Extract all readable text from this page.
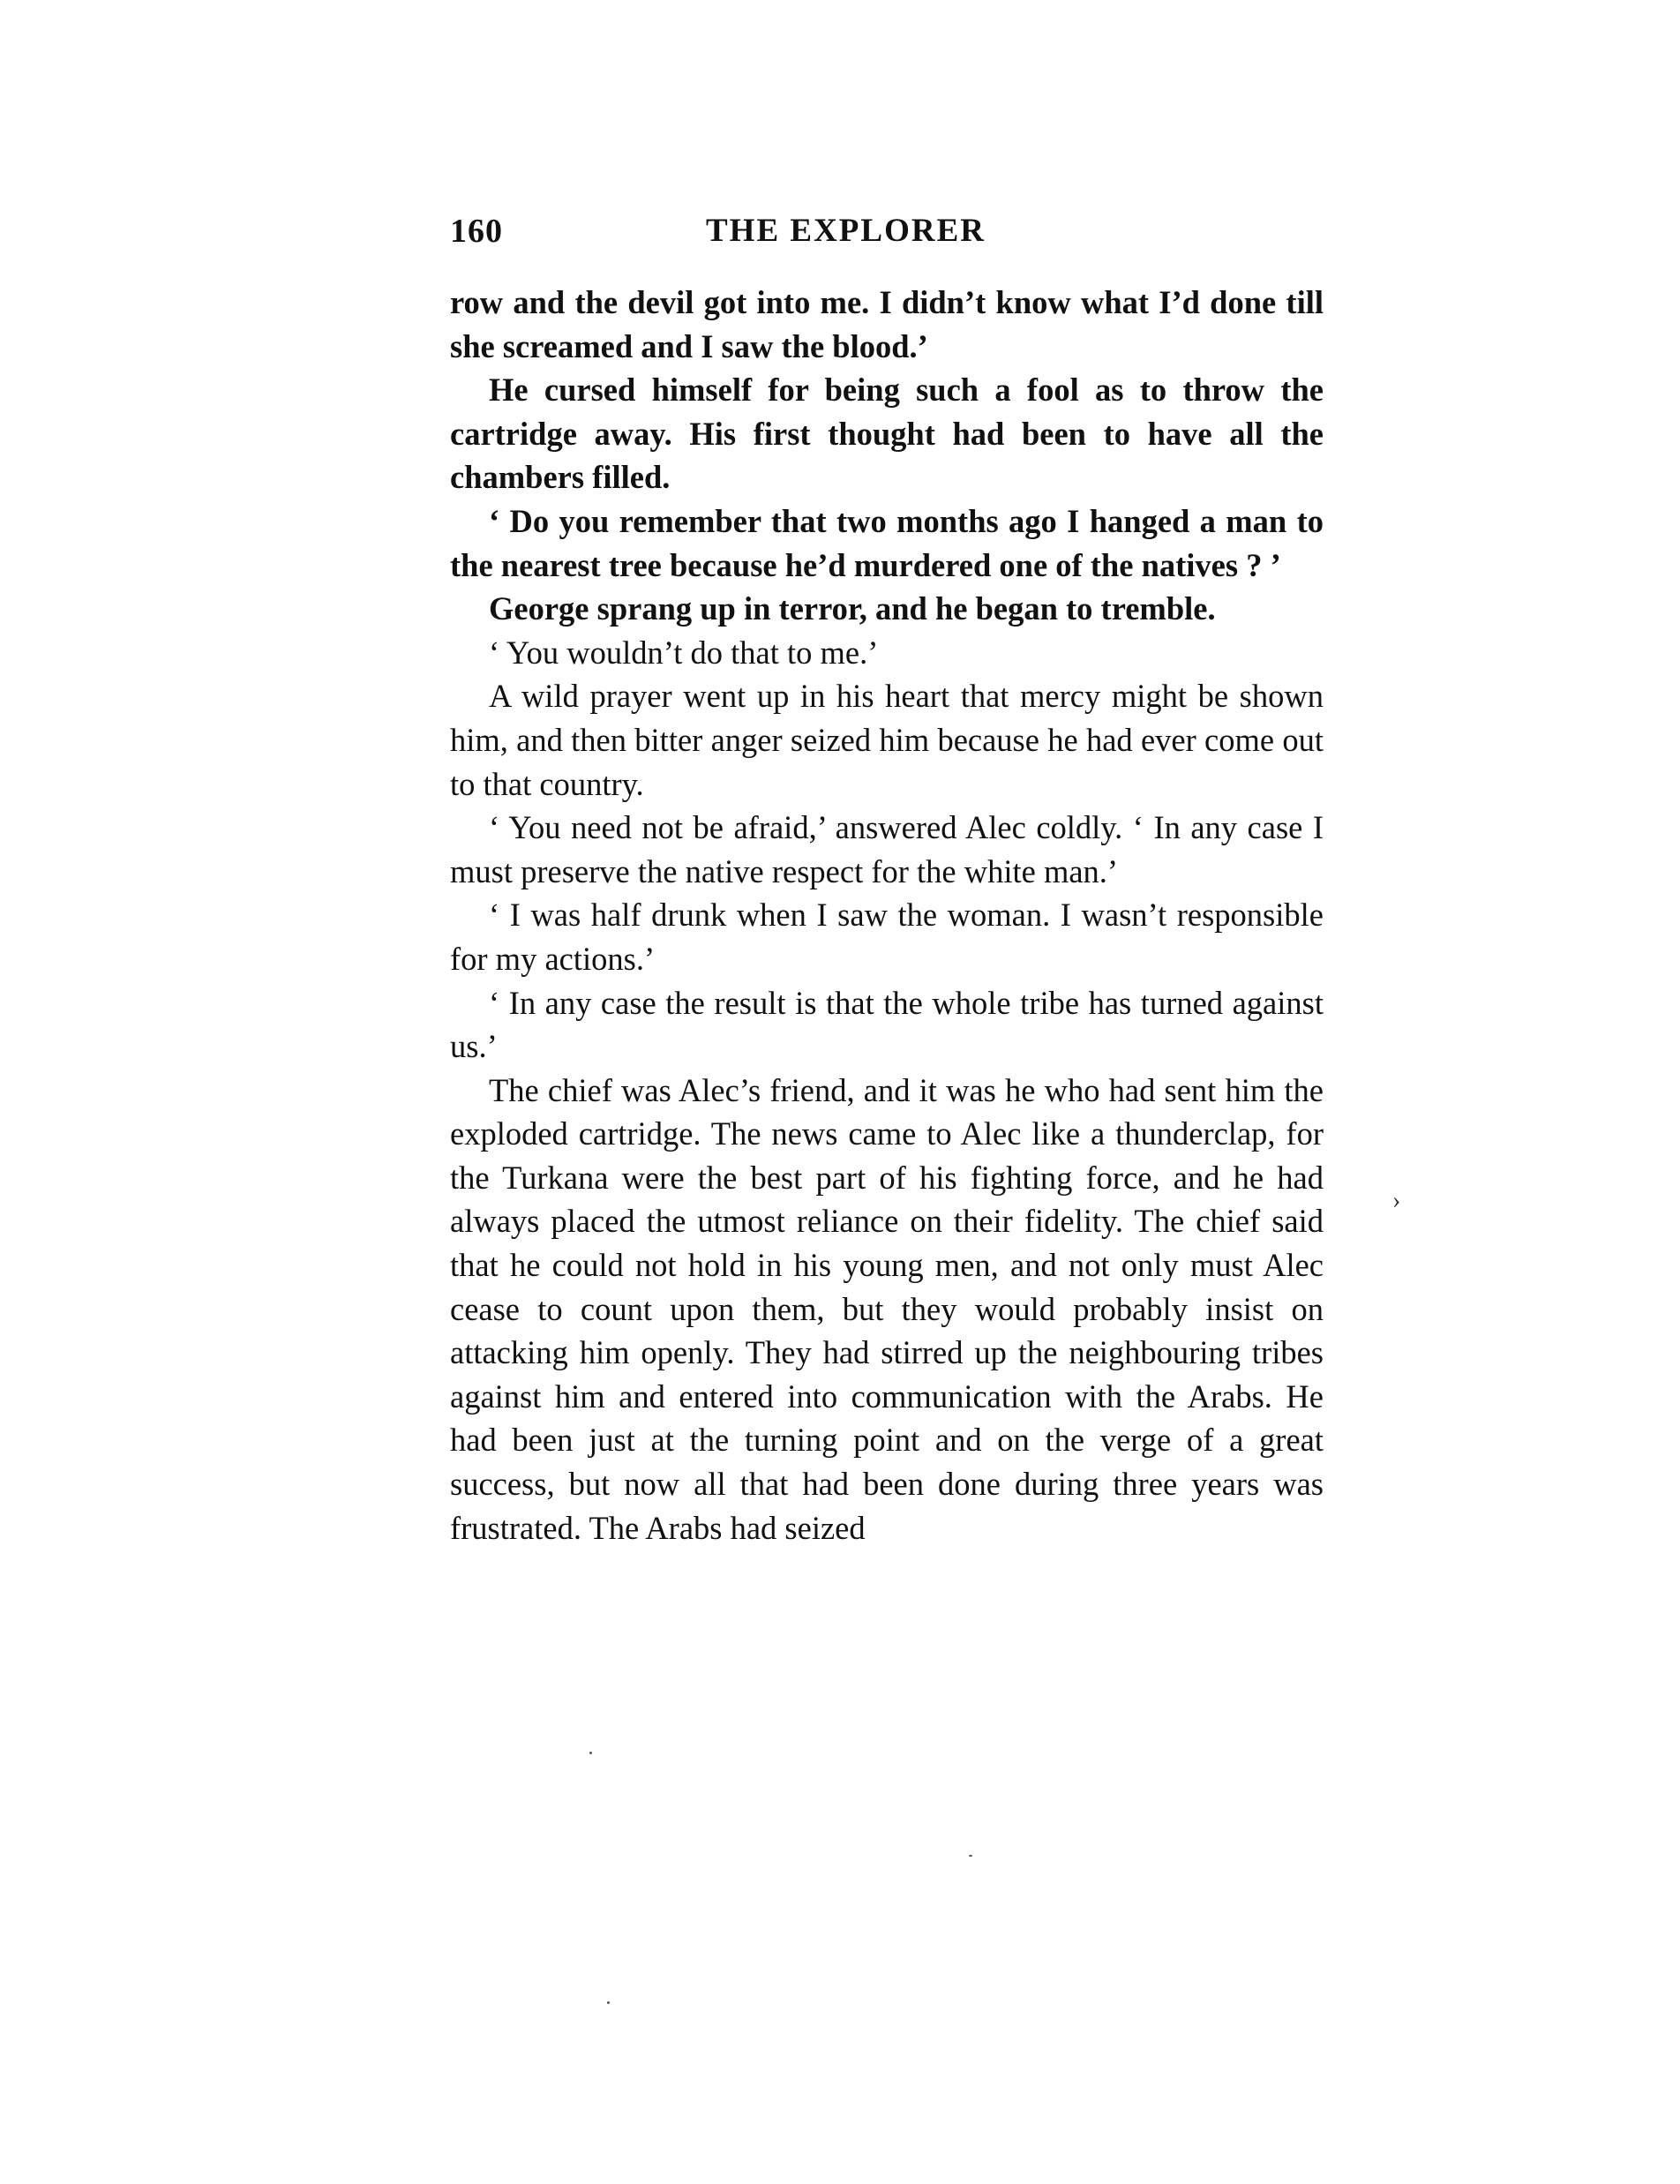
160	THE EXPLORER

row and the devil got into me. I didn’t know what I’d done till she screamed and I saw the blood.’

He cursed himself for being such a fool as to throw the cartridge away. His first thought had been to have all the chambers filled.

‘ Do you remember that two months ago I hanged a man to the nearest tree because he’d murdered one of the natives ? ’

George sprang up in terror, and he began to tremble.

‘ You wouldn’t do that to me.’

A wild prayer went up in his heart that mercy might be shown him, and then bitter anger seized him because he had ever come out to that country.

‘ You need not be afraid,’ answered Alec coldly. ‘ In any case I must preserve the native respect for the white man.’

‘ I was half drunk when I saw the woman. I wasn’t responsible for my actions.’

‘ In any case the result is that the whole tribe has turned against us.’

The chief was Alec’s friend, and it was he who had sent him the exploded cartridge. The news came to Alec like a thunderclap, for the Turkana were the best part of his fighting force, and he had always placed the utmost reliance on their fidelity. The chief said that he could not hold in his young men, and not only must Alec cease to count upon them, but they would probably insist on attacking him openly. They had stirred up the neighbouring tribes against him and entered into communication with the Arabs. He had been just at the turning point and on the verge of a great success, but now all that had been done during three years was frustrated. The Arabs had seized

›
